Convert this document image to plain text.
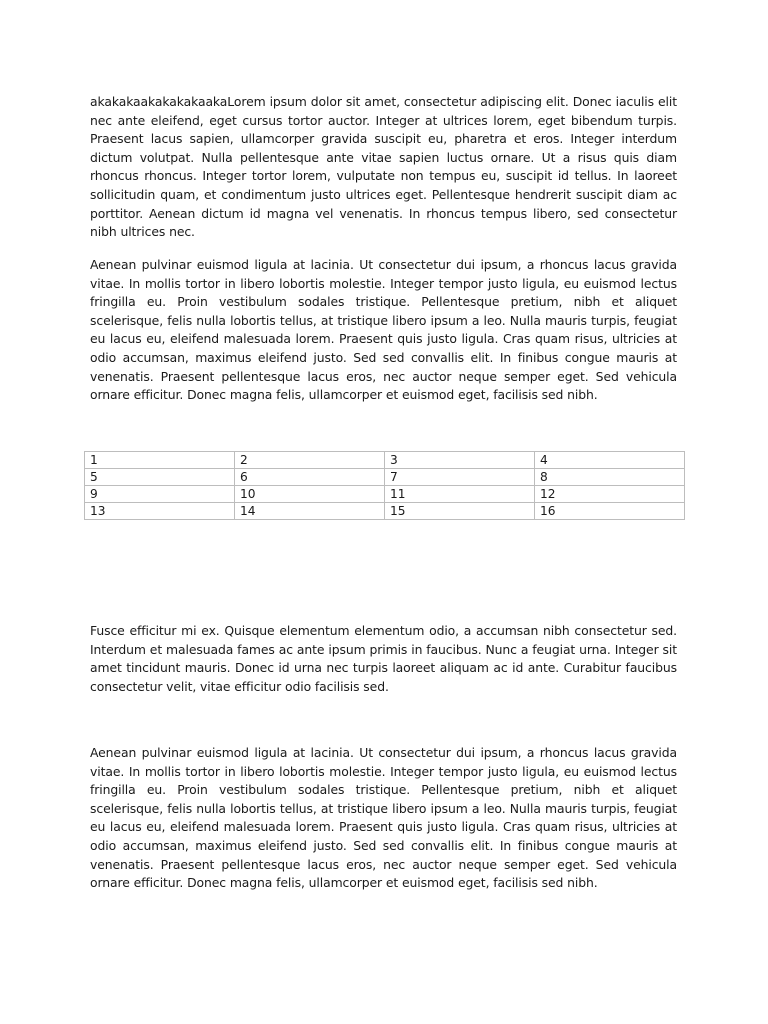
akakakaakakakakaakaLorem ipsum dolor sit amet, consectetur adipiscing elit. Donec iaculis elit nec ante eleifend, eget cursus tortor auctor. Integer at ultrices lorem, eget bibendum turpis. Praesent lacus sapien, ullamcorper gravida suscipit eu, pharetra et eros. Integer interdum dictum volutpat. Nulla pellentesque ante vitae sapien luctus ornare. Ut a risus quis diam rhoncus rhoncus. Integer tortor lorem, vulputate non tempus eu, suscipit id tellus. In laoreet sollicitudin quam, et condimentum justo ultrices eget. Pellentesque hendrerit suscipit diam ac porttitor. Aenean dictum id magna vel venenatis. In rhoncus tempus libero, sed consectetur nibh ultrices nec.

Aenean pulvinar euismod ligula at lacinia. Ut consectetur dui ipsum, a rhoncus lacus gravida vitae. In mollis tortor in libero lobortis molestie. Integer tempor justo ligula, eu euismod lectus fringilla eu. Proin vestibulum sodales tristique. Pellentesque pretium, nibh et aliquet scelerisque, felis nulla lobortis tellus, at tristique libero ipsum a leo. Nulla mauris turpis, feugiat eu lacus eu, eleifend malesuada lorem. Praesent quis justo ligula. Cras quam risus, ultricies at odio accumsan, maximus eleifend justo. Sed sed convallis elit. In finibus congue mauris at venenatis. Praesent pellentesque lacus eros, nec auctor neque semper eget. Sed vehicula ornare efficitur. Donec magna felis, ullamcorper et euismod eget, facilisis sed nibh.

1	2	3	4
5	6	7	8
9	10	11	12
13	14	15	16

Fusce efficitur mi ex. Quisque elementum elementum odio, a accumsan nibh consectetur sed. Interdum et malesuada fames ac ante ipsum primis in faucibus. Nunc a feugiat urna. Integer sit amet tincidunt mauris. Donec id urna nec turpis laoreet aliquam ac id ante. Curabitur faucibus consectetur velit, vitae efficitur odio facilisis sed.

Aenean pulvinar euismod ligula at lacinia. Ut consectetur dui ipsum, a rhoncus lacus gravida vitae. In mollis tortor in libero lobortis molestie. Integer tempor justo ligula, eu euismod lectus fringilla eu. Proin vestibulum sodales tristique. Pellentesque pretium, nibh et aliquet scelerisque, felis nulla lobortis tellus, at tristique libero ipsum a leo. Nulla mauris turpis, feugiat eu lacus eu, eleifend malesuada lorem. Praesent quis justo ligula. Cras quam risus, ultricies at odio accumsan, maximus eleifend justo. Sed sed convallis elit. In finibus congue mauris at venenatis. Praesent pellentesque lacus eros, nec auctor neque semper eget. Sed vehicula ornare efficitur. Donec magna felis, ullamcorper et euismod eget, facilisis sed nibh.
